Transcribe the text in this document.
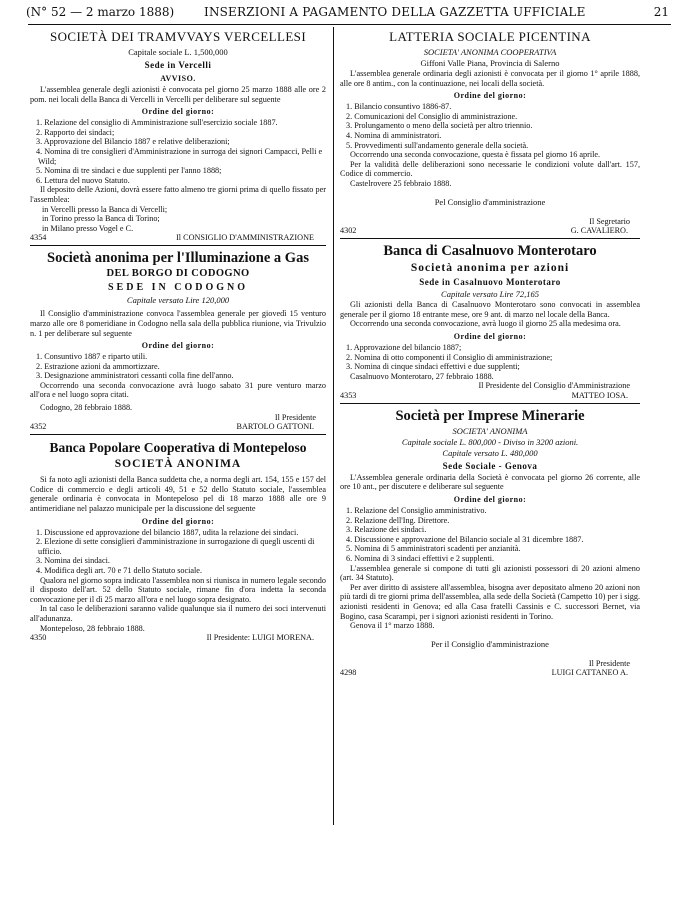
(N° 52 — 2 marzo 1888) INSERZIONI A PAGAMENTO DELLA GAZZETTA UFFICIALE	21
SOCIETÀ DEI TRAMVVAYS VERCELLESI
Capitale sociale L. 1,500,000
Sede in Vercelli
AVVISO.

L'assemblea generale degli azionisti è convocata pel giorno 25 marzo 1888 alle ore 2 pom. nei locali della Banca di Vercelli in Vercelli per deliberare sul seguente

Ordine del giorno:

1. Relazione del consiglio di Amministrazione sull'esercizio sociale 1887.

2. Rapporto dei sindaci;

3. Approvazione del Bilancio 1887 e relative deliberazioni;

4. Nomina di tre consiglieri d'Amministrazione in surroga dei signori Campacci, Pelli e Wild;

5. Nomina di tre sindaci e due supplenti per l'anno 1888;

6. Lettura del nuovo Statuto.

Il deposito delle Azioni, dovrà essere fatto almeno tre giorni prima di quello fissato per l'assemblea:

in Vercelli presso la Banca di Vercelli;

in Torino presso la Banca di Torino;

in Milano presso Vogel e C.

4354	Il CONSIGLIO D'AMMINISTRAZIONE
Società anonima per l'Illuminazione a Gas
DEL BORGO DI CODOGNO
SEDE IN CODOGNO
Capitale versato Lire 120,000

Il Consiglio d'amministrazione convoca l'assemblea generale per giovedì 15 venturo marzo alle ore 8 pomeridiane in Codogno nella sala della pubblica riunione, via Trivulzio n. 1 per deliberare sul seguente

Ordine del giorno:

1. Consuntivo 1887 e riparto utili.

2. Estrazione azioni da ammortizzare.

3. Designazione amministratori cessanti colla fine dell'anno.

Occorrendo una seconda convocazione avrà luogo sabato 31 pure venturo marzo all'ora e nel luogo sopra citati.

Codogno, 28 febbraio 1888.

Il Presidente

4352	BARTOLO GATTONI.
Banca Popolare Cooperativa di Montepeloso
SOCIETÀ ANONIMA

Si fa noto agli azionisti della Banca suddetta che, a norma degli art. 154, 155 e 157 del Codice di commercio e degli articoli 49, 51 e 52 dello Statuto sociale, l'assemblea generale ordinaria è convocata in Montepeloso pel di 18 marzo 1888 alle ore 9 antimeridiane nel palazzo municipale per la discussione del seguente

Ordine del giorno:

1. Discussione ed approvazione del bilancio 1887, udita la relazione dei sindaci.

2. Elezione di sette consiglieri d'amministrazione in surrogazione di quegli uscenti di ufficio.

3. Nomina dei sindaci.

4. Modifica degli art. 70 e 71 dello Statuto sociale.

Qualora nel giorno sopra indicato l'assemblea non si riunisca in numero legale secondo il disposto dell'art. 52 dello Statuto sociale, rimane fin d'ora indetta la seconda convocazione per il dì 25 marzo all'ora e nel luogo sopra designato.

In tal caso le deliberazioni saranno valide qualunque sia il numero dei soci intervenuti all'adunanza.

Montepeloso, 28 febbraio 1888.

4350	Il Presidente: LUIGI MORENA.
LATTERIA SOCIALE PICENTINA
SOCIETA' ANONIMA COOPERATIVA
Giffoni Valle Piana, Provincia di Salerno

L'assemblea generale ordinaria degli azionisti è convocata per il giorno 1° aprile 1888, alle ore 8 antim., con la continuazione, nei locali della società.

Ordine del giorno:

1. Bilancio consuntivo 1886-87.

2. Comunicazioni del Consiglio di amministrazione.

3. Prolungamento o meno della società per altro triennio.

4. Nomina di amministratori.

5. Provvedimenti sull'andamento generale della società.

Occorrendo una seconda convocazione, questa è fissata pel giorno 16 aprile.

Per la validità delle deliberazioni sono necessarie le condizioni volute dall'art. 157, Codice di commercio.

Castelrovere 25 febbraio 1888.

Pel Consiglio d'amministrazione

Il Segretario

4302	G. CAVALIERO.
Banca di Casalnuovo Monterotaro
Società anonima per azioni
Sede in Casalnuovo Monterotaro
Capitale versato Lire 72,165

Gli azionisti della Banca di Casalnuovo Monterotaro sono convocati in assemblea generale per il giorno 18 entrante mese, ore 9 ant. di marzo nel locale della Banca.

Occorrendo una seconda convocazione, avrà luogo il giorno 25 alla medesima ora.

Ordine del giorno:

1. Approvazione del bilancio 1887;

2. Nomina di otto componenti il Consiglio di amministrazione;

3. Nomina di cinque sindaci effettivi e due supplenti;

Casalnuovo Monterotaro, 27 febbraio 1888.

Il Presidente del Consiglio d'Amministrazione

4353	MATTEO IOSA.
Società per Imprese Minerarie
SOCIETA' ANONIMA
Capitale sociale L. 800,000 - Diviso in 3200 azioni.
Capitale versato L. 480,000
Sede Sociale - Genova

L'Assemblea generale ordinaria della Società è convocata pel giorno 26 corrente, alle ore 10 ant., per discutere e deliberare sul seguente

Ordine del giorno:

1. Relazione del Consiglio amministrativo.

2. Relazione dell'Ing. Direttore.

3. Relazione dei sindaci.

4. Discussione e approvazione del Bilancio sociale al 31 dicembre 1887.

5. Nomina di 5 amministratori scadenti per anzianità.

6. Nomina di 3 sindaci effettivi e 2 supplenti.

L'assemblea generale si compone di tutti gli azionisti possessori di 20 azioni almeno (art. 34 Statuto).

Per aver diritto di assistere all'assemblea, bisogna aver depositato almeno 20 azioni non più tardi di tre giorni prima dell'assemblea, alla sede della Società (Campetto 10) per i sigg. azionisti residenti in Genova; ed alla Casa fratelli Cassinis e C. successori Bernet, via Bogino, casa Scarampi, per i signori azionisti residenti in Torino.

Genova il 1° marzo 1888.

Per il Consiglio d'amministrazione

Il Presidente

4298	LUIGI CATTANEO A.
